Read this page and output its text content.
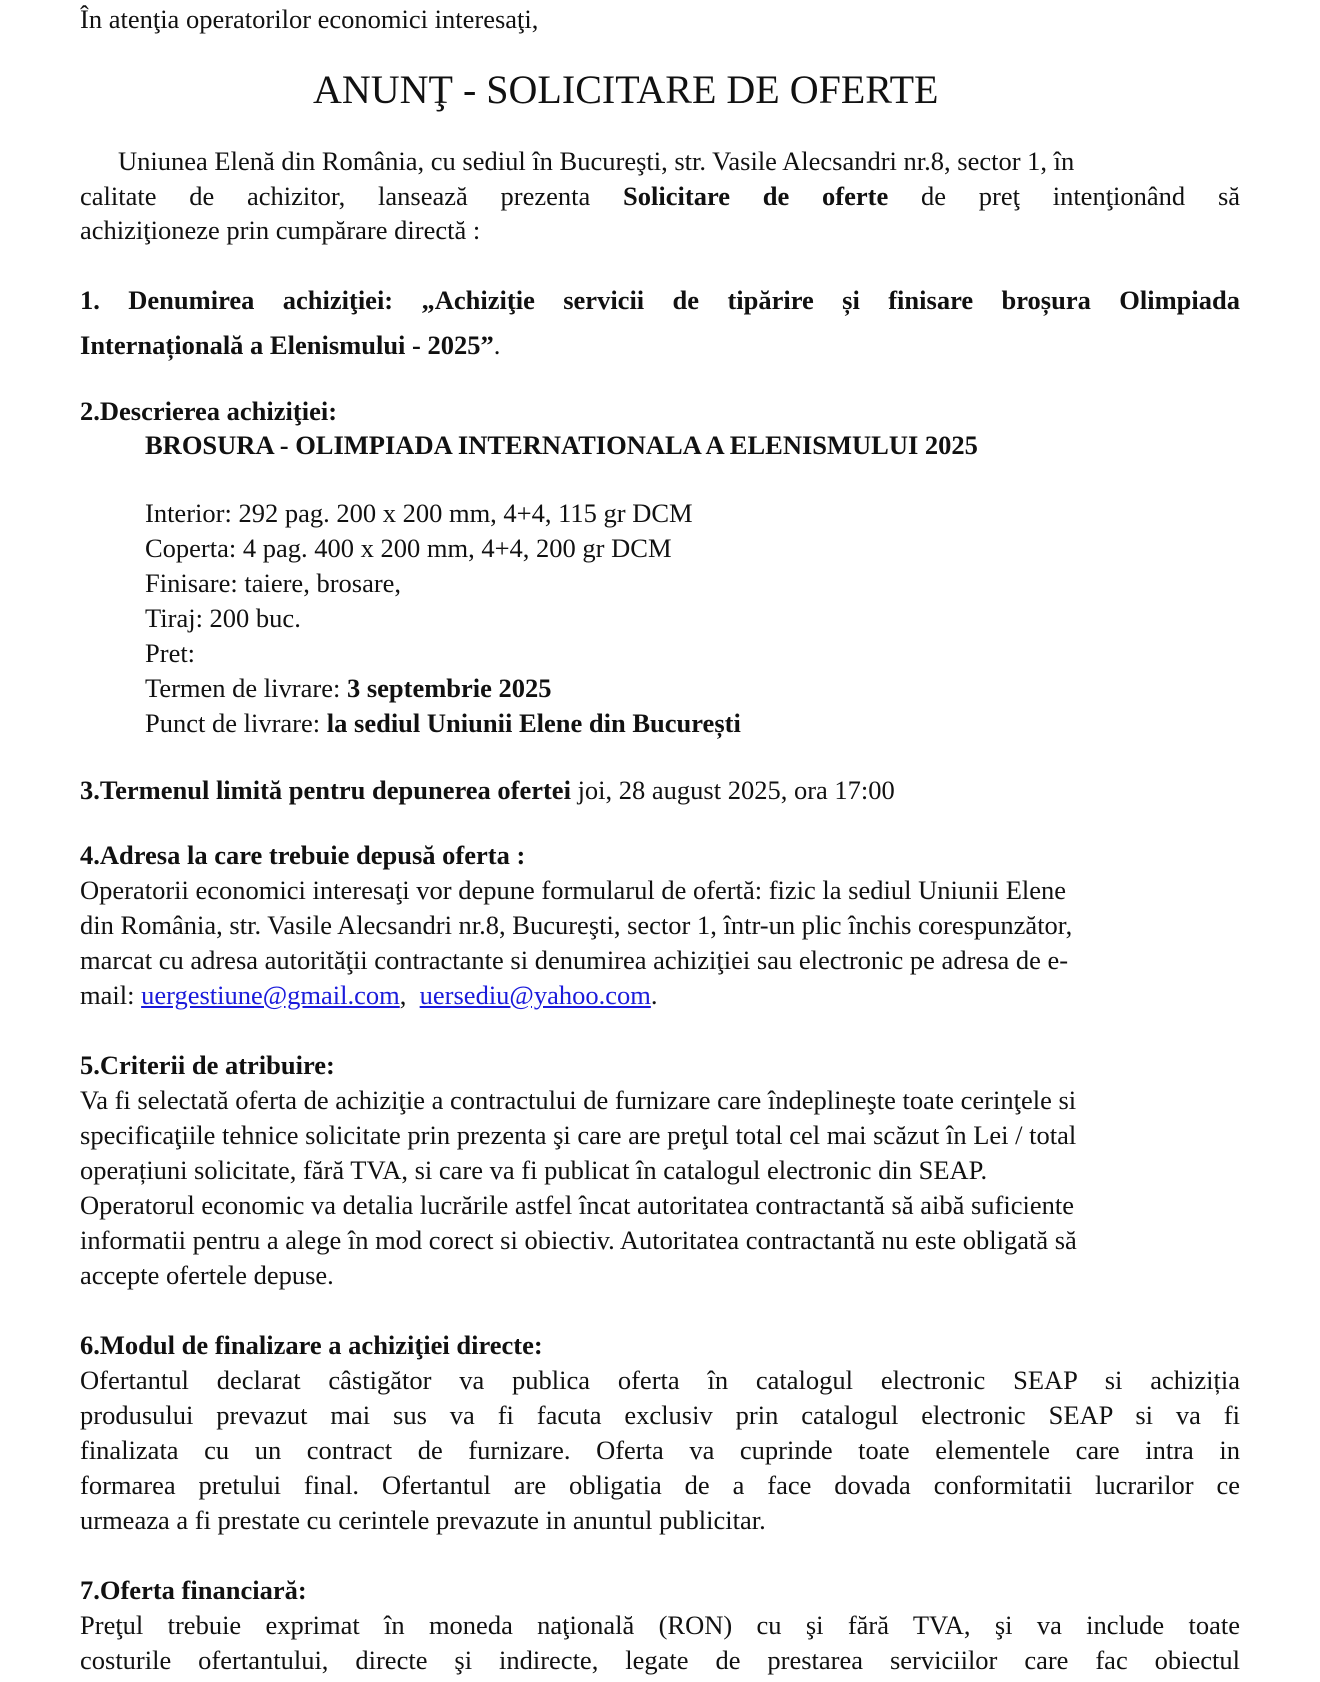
În atenţia operatorilor economici interesaţi,
ANUNŢ - SOLICITARE DE OFERTE
Uniunea Elenă din România, cu sediul în Bucureşti, str. Vasile Alecsandri nr.8, sector 1, în
calitate de achizitor, lansează prezenta Solicitare de oferte de preţ intenţionând să
achiziţioneze prin cumpărare directă :
1. Denumirea achiziţiei: „Achiziţie servicii de tipărire și finisare broșura Olimpiada
Internațională a Elenismului - 2025”.
2.Descrierea achiziţiei:
BROSURA - OLIMPIADA INTERNATIONALA A ELENISMULUI 2025
Interior: 292 pag. 200 x 200 mm, 4+4, 115 gr DCM
Coperta: 4 pag. 400 x 200 mm, 4+4, 200 gr DCM
Finisare: taiere, brosare,
Tiraj: 200 buc.
Pret:
Termen de livrare: 3 septembrie 2025
Punct de livrare: la sediul Uniunii Elene din București
3.Termenul limită pentru depunerea ofertei joi, 28 august 2025, ora 17:00
4.Adresa la care trebuie depusă oferta :
Operatorii economici interesaţi vor depune formularul de ofertă: fizic la sediul Uniunii Elene
din România, str. Vasile Alecsandri nr.8, Bucureşti, sector 1, într-un plic închis corespunzător,
marcat cu adresa autorităţii contractante si denumirea achiziţiei sau electronic pe adresa de e-
mail: uergestiune@gmail.com, uersediu@yahoo.com.
5.Criterii de atribuire:
Va fi selectată oferta de achiziţie a contractului de furnizare care îndeplineşte toate cerinţele si
specificaţiile tehnice solicitate prin prezenta şi care are preţul total cel mai scăzut în Lei / total
operațiuni solicitate, fără TVA, si care va fi publicat în catalogul electronic din SEAP.
Operatorul economic va detalia lucrările astfel încat autoritatea contractantă să aibă suficiente
informatii pentru a alege în mod corect si obiectiv. Autoritatea contractantă nu este obligată să
accepte ofertele depuse.
6.Modul de finalizare a achiziţiei directe:
Ofertantul declarat câstigător va publica oferta în catalogul electronic SEAP si achiziția
produsului prevazut mai sus va fi facuta exclusiv prin catalogul electronic SEAP si va fi
finalizata cu un contract de furnizare. Oferta va cuprinde toate elementele care intra in
formarea pretului final. Ofertantul are obligatia de a face dovada conformitatii lucrarilor ce
urmeaza a fi prestate cu cerintele prevazute in anuntul publicitar.
7.Oferta financiară:
Preţul trebuie exprimat în moneda naţională (RON) cu şi fără TVA, şi va include toate
costurile ofertantului, directe şi indirecte, legate de prestarea serviciilor care fac obiectul
